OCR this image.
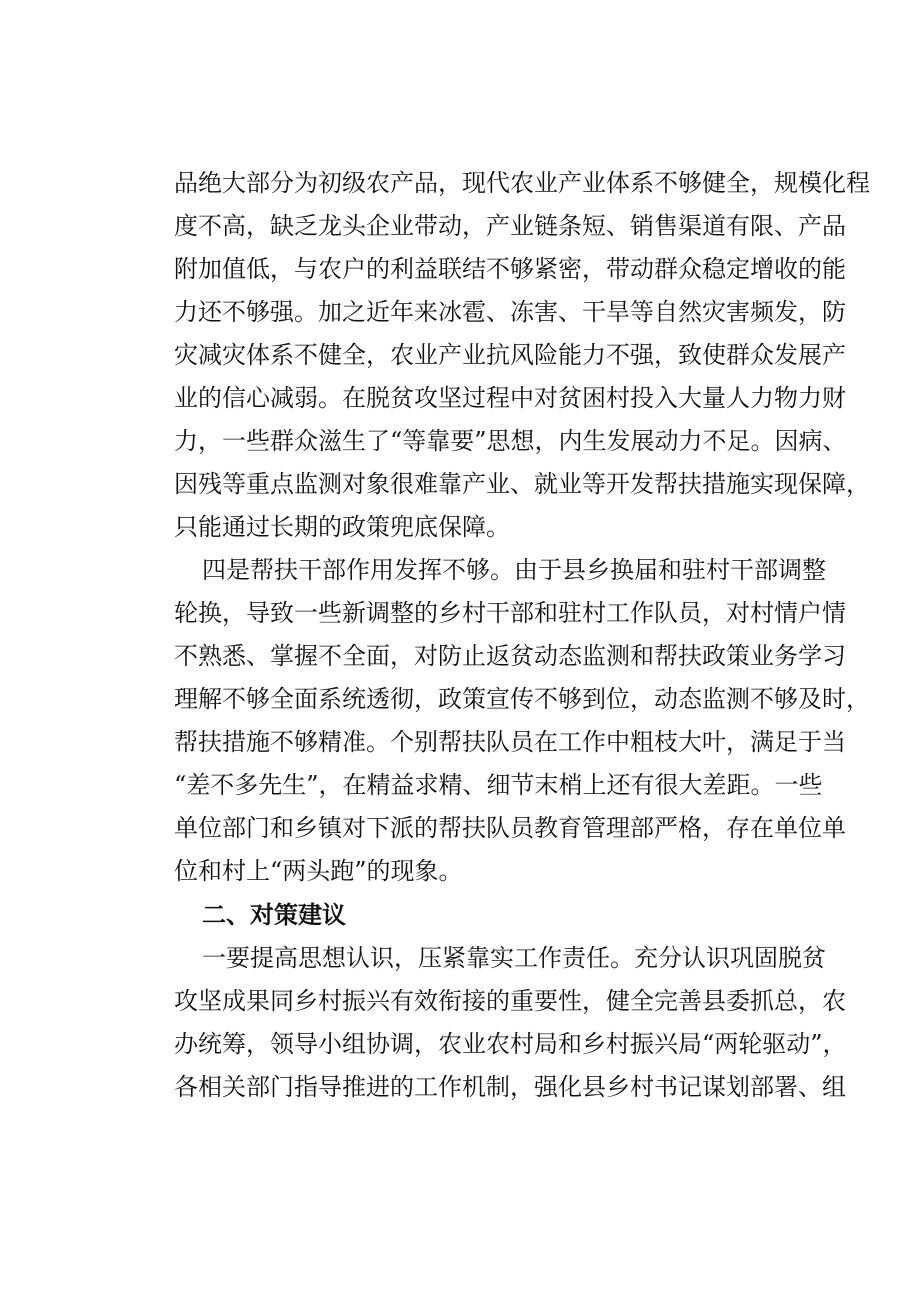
品绝大部分为初级农产品，现代农业产业体系不够健全，规模化程
度不高，缺乏龙头企业带动，产业链条短、销售渠道有限、产品
附加值低，与农户的利益联结不够紧密，带动群众稳定增收的能
力还不够强。加之近年来冰雹、冻害、干旱等自然灾害频发，防
灾减灾体系不健全，农业产业抗风险能力不强，致使群众发展产
业的信心减弱。在脱贫攻坚过程中对贫困村投入大量人力物力财
力，一些群众滋生了“等靠要”思想，内生发展动力不足。因病、
因残等重点监测对象很难靠产业、就业等开发帮扶措施实现保障，
只能通过长期的政策兜底保障。
四是帮扶干部作用发挥不够。由于县乡换届和驻村干部调整
轮换，导致一些新调整的乡村干部和驻村工作队员，对村情户情
不熟悉、掌握不全面，对防止返贫动态监测和帮扶政策业务学习
理解不够全面系统透彻，政策宣传不够到位，动态监测不够及时，
帮扶措施不够精准。个别帮扶队员在工作中粗枝大叶，满足于当
“差不多先生”，在精益求精、细节末梢上还有很大差距。一些
单位部门和乡镇对下派的帮扶队员教育管理部严格，存在单位单
位和村上“两头跑”的现象。
二、对策建议
一要提高思想认识，压紧靠实工作责任。充分认识巩固脱贫
攻坚成果同乡村振兴有效衔接的重要性，健全完善县委抓总，农
办统筹，领导小组协调，农业农村局和乡村振兴局“两轮驱动”，
各相关部门指导推进的工作机制，强化县乡村书记谋划部署、组
